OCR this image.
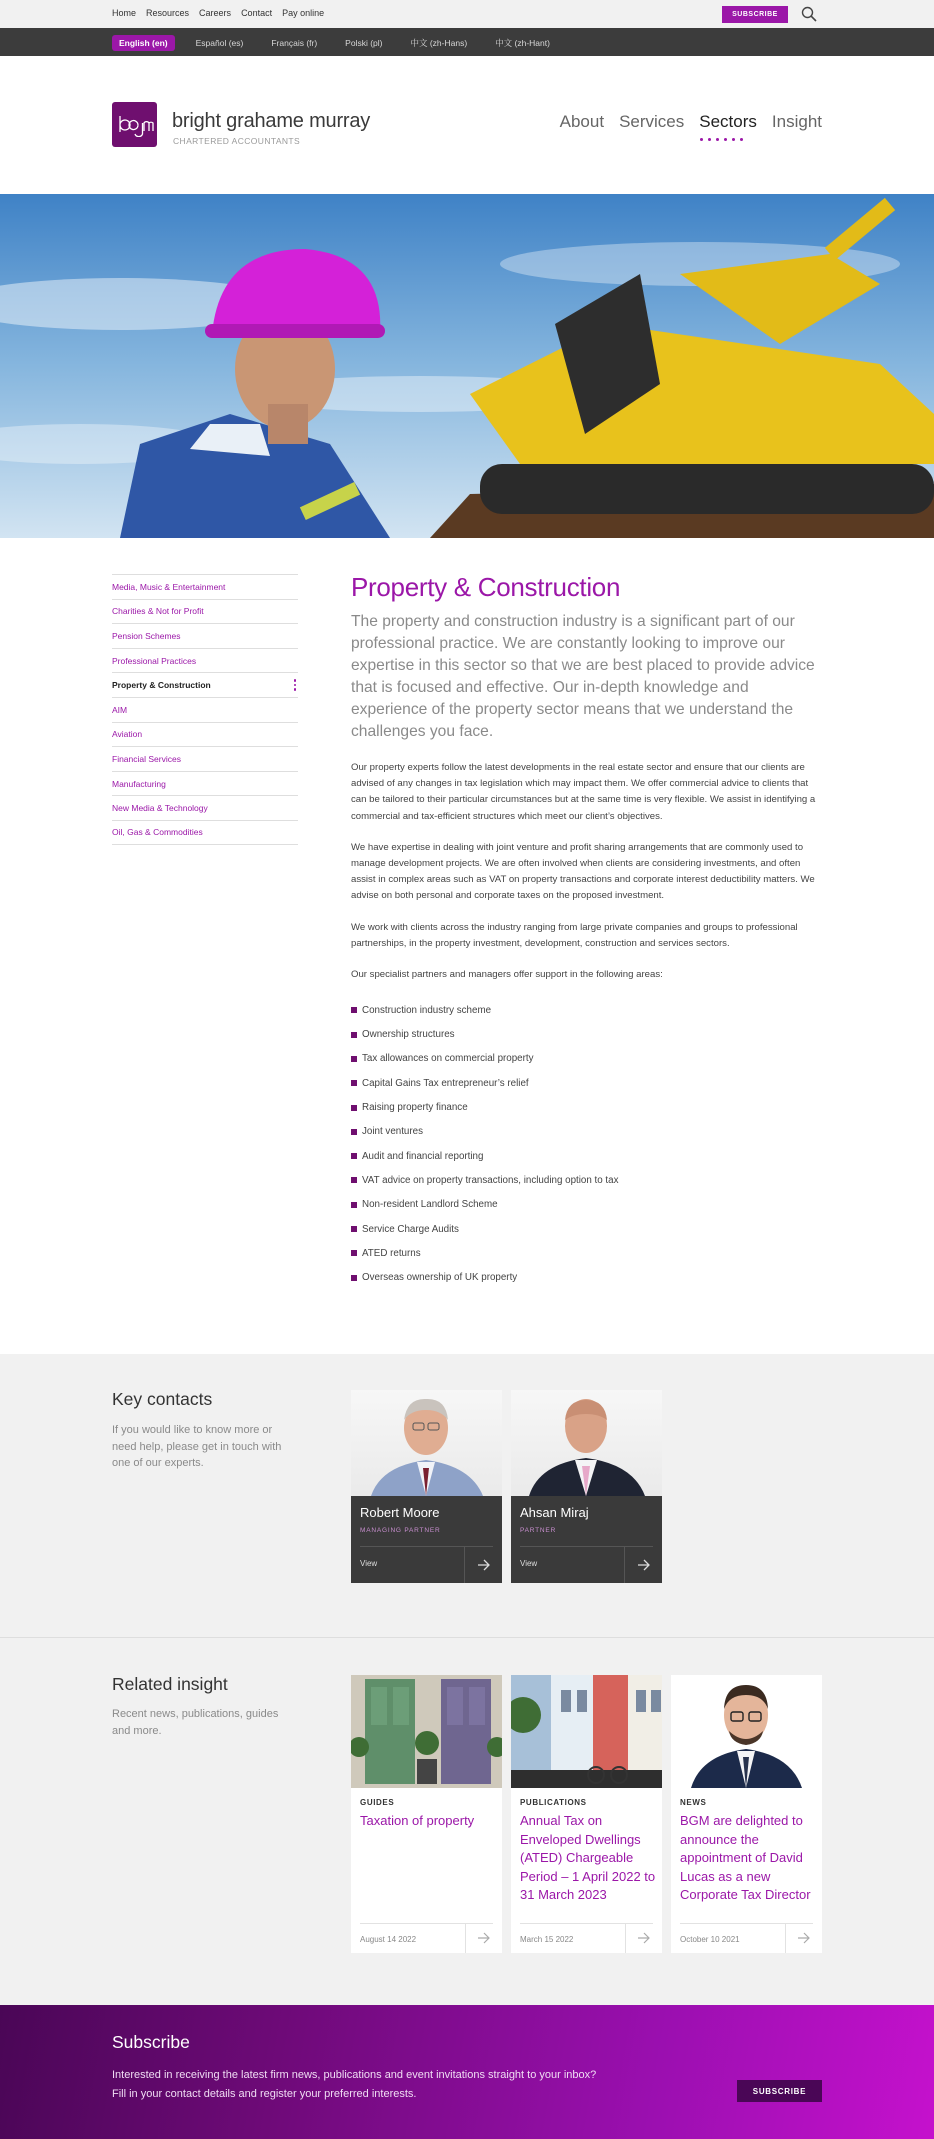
Home Resources Careers Contact Pay online	SUBSCRIBE
English (en)	Español (es)	Français (fr)	Polski (pl)	中文 (zh-Hans)	中文 (zh-Hant)
bright grahame murray
CHARTERED ACCOUNTANTS
About Services Sectors Insight
Media, Music & Entertainment
Charities & Not for Profit
Pension Schemes
Professional Practices
Property & Construction
AIM
Aviation
Financial Services
Manufacturing
New Media & Technology
Oil, Gas & Commodities
Property & Construction
The property and construction industry is a significant part of our professional practice. We are constantly looking to improve our expertise in this sector so that we are best placed to provide advice that is focused and effective. Our in-depth knowledge and experience of the property sector means that we understand the challenges you face.

Our property experts follow the latest developments in the real estate sector and ensure that our clients are advised of any changes in tax legislation which may impact them. We offer commercial advice to clients that can be tailored to their particular circumstances but at the same time is very flexible. We assist in identifying a commercial and tax-efficient structures which meet our client’s objectives.

We have expertise in dealing with joint venture and profit sharing arrangements that are commonly used to manage development projects. We are often involved when clients are considering investments, and often assist in complex areas such as VAT on property transactions and corporate interest deductibility matters. We advise on both personal and corporate taxes on the proposed investment.

We work with clients across the industry ranging from large private companies and groups to professional partnerships, in the property investment, development, construction and services sectors.

Our specialist partners and managers offer support in the following areas:

Construction industry scheme
Ownership structures
Tax allowances on commercial property
Capital Gains Tax entrepreneur’s relief
Raising property finance
Joint ventures
Audit and financial reporting
VAT advice on property transactions, including option to tax
Non-resident Landlord Scheme
Service Charge Audits
ATED returns
Overseas ownership of UK property
Key contacts
If you would like to know more or need help, please get in touch with one of our experts.
Robert Moore
MANAGING PARTNER
View
Ahsan Miraj
PARTNER
View
Related insight
Recent news, publications, guides and more.
GUIDES
Taxation of property
August 14 2022
PUBLICATIONS
Annual Tax on Enveloped Dwellings (ATED) Chargeable Period – 1 April 2022 to 31 March 2023
March 15 2022
NEWS
BGM are delighted to announce the appointment of David Lucas as a new Corporate Tax Director
October 10 2021
Subscribe
Interested in receiving the latest firm news, publications and event invitations straight to your inbox?
Fill in your contact details and register your preferred interests.	SUBSCRIBE
